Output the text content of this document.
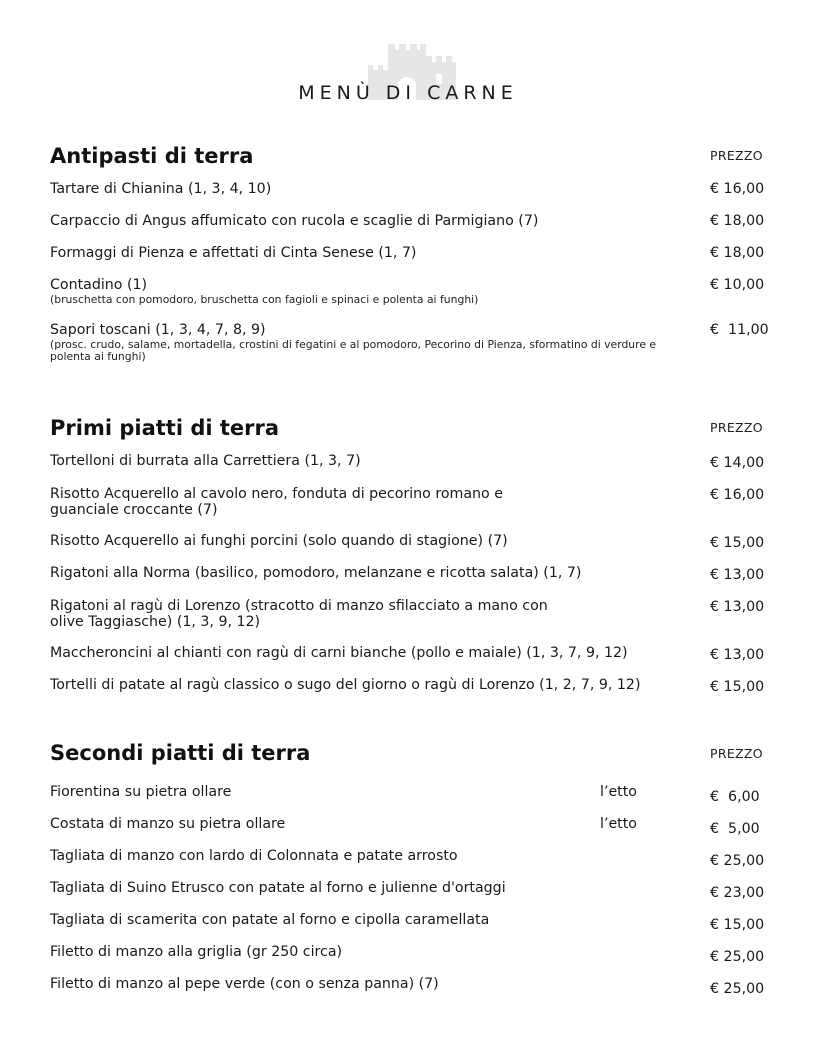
MENÙ DI CARNE
Antipasti di terra	PREZZO
Tartare di Chianina (1, 3, 4, 10)	€ 16,00
Carpaccio di Angus affumicato con rucola e scaglie di Parmigiano (7)	€ 18,00
Formaggi di Pienza e affettati di Cinta Senese (1, 7)	€ 18,00
Contadino (1)
(bruschetta con pomodoro, bruschetta con fagioli e spinaci e polenta ai funghi)
€ 10,00
Sapori toscani (1, 3, 4, 7, 8, 9)
(prosc. crudo, salame, mortadella, crostini di fegatini e al pomodoro, Pecorino di Pienza, sformatino di verdure e polenta ai funghi)
€  11,00
Primi piatti di terra	PREZZO
Tortelloni di burrata alla Carrettiera (1, 3, 7)	€ 14,00
Risotto Acquerello al cavolo nero, fonduta di pecorino romano e
guanciale croccante (7)
€ 16,00
Risotto Acquerello ai funghi porcini (solo quando di stagione) (7)	€ 15,00
Rigatoni alla Norma (basilico, pomodoro, melanzane e ricotta salata) (1, 7)	€ 13,00
Rigatoni al ragù di Lorenzo (stracotto di manzo sfilacciato a mano con
olive Taggiasche) (1, 3, 9, 12)
€ 13,00
Maccheroncini al chianti con ragù di carni bianche (pollo e maiale) (1, 3, 7, 9, 12)	€ 13,00
Tortelli di patate al ragù classico o sugo del giorno o ragù di Lorenzo (1, 2, 7, 9, 12)	€ 15,00
Secondi piatti di terra	PREZZO
Fiorentina su pietra ollare	l’etto	€  6,00
Costata di manzo su pietra ollare	l’etto	€  5,00
Tagliata di manzo con lardo di Colonnata e patate arrosto	€ 25,00
Tagliata di Suino Etrusco con patate al forno e julienne d'ortaggi	€ 23,00
Tagliata di scamerita con patate al forno e cipolla caramellata	€ 15,00
Filetto di manzo alla griglia (gr 250 circa)	€ 25,00
Filetto di manzo al pepe verde (con o senza panna) (7)	€ 25,00
